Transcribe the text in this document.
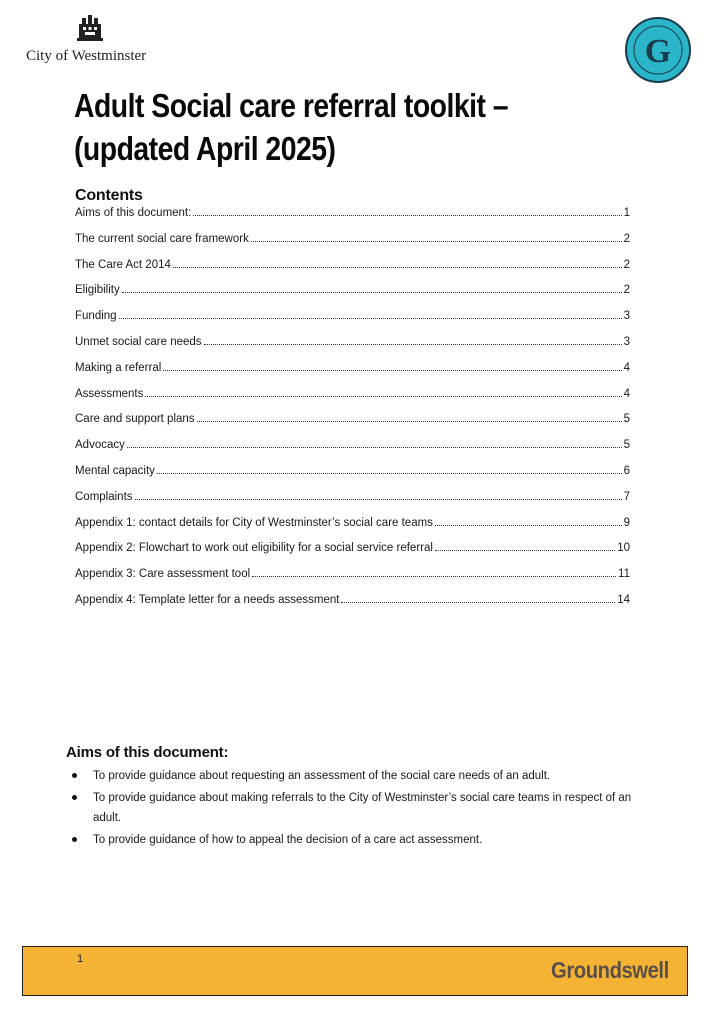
City of Westminster	G
Adult Social care referral toolkit – (updated April 2025)
Contents
Aims of this document:	1
The current social care framework	2
The Care Act 2014	2
Eligibility	2
Funding	3
Unmet social care needs	3
Making a referral	4
Assessments	4
Care and support plans	5
Advocacy	5
Mental capacity	6
Complaints	7
Appendix 1: contact details for City of Westminster’s social care teams	9
Appendix 2: Flowchart to work out eligibility for a social service referral	10
Appendix 3: Care assessment tool	11
Appendix 4: Template letter for a needs assessment	14
Aims of this document:
To provide guidance about requesting an assessment of the social care needs of an adult.
To provide guidance about making referrals to the City of Westminster’s social care teams in respect of an adult.
To provide guidance of how to appeal the decision of a care act assessment.
1	Groundswell
